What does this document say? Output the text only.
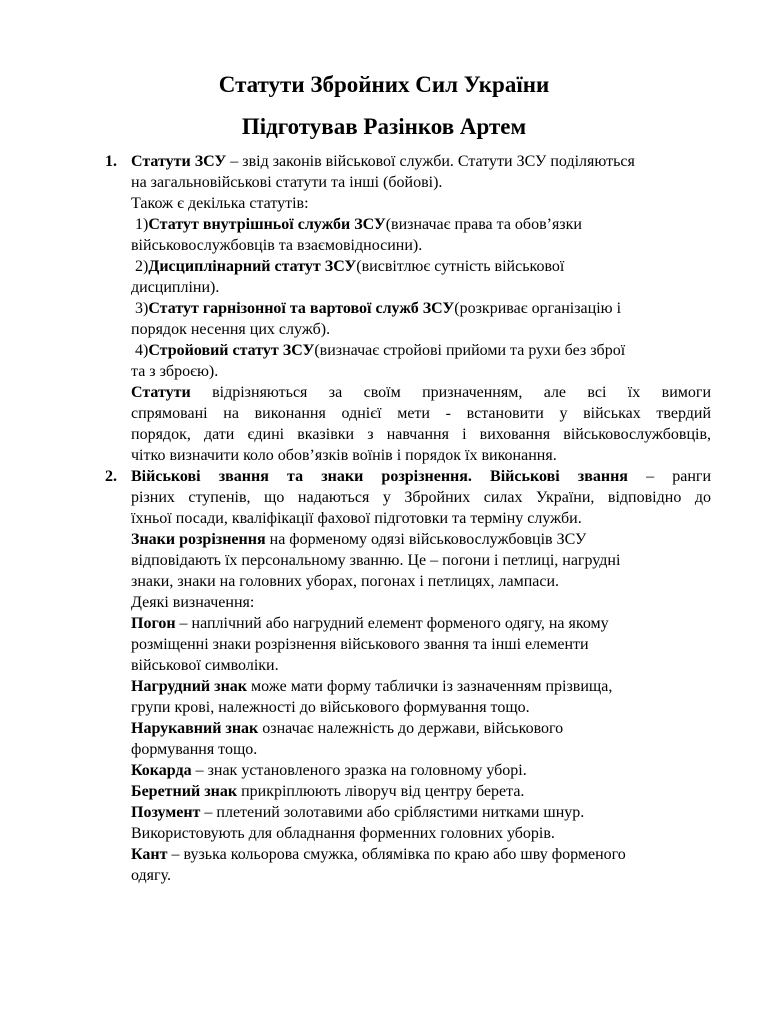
Статути Збройних Сил України
Підготував Разінков Артем
1. Статути ЗСУ – звід законів військової служби. Статути ЗСУ поділяються
на загальновійськові статути та інші (бойові).
Також є декілька статутів:
1)Статут внутрішньої служби ЗСУ(визначає права та обов’язки
військовослужбовців та взаємовідносини).
2)Дисциплінарний статут ЗСУ(висвітлює сутність військової
дисципліни).
3)Статут гарнізонної та вартової служб ЗСУ(розкриває організацію і
порядок несення цих служб).
4)Стройовий статут ЗСУ(визначає стройові прийоми та рухи без зброї
та з зброєю).
Статути відрізняються за своїм призначенням, але всі їх вимоги
спрямовані на виконання однієї мети - встановити у військах твердий
порядок, дати єдині вказівки з навчання і виховання військовослужбовців,
чітко визначити коло обов’язків воїнів і порядок їх виконання.
2. Військові звання та знаки розрізнення. Військові звання – ранги
різних ступенів, що надаються у Збройних силах України, відповідно до
їхньої посади, кваліфікації фахової підготовки та терміну служби.
Знаки розрізнення на форменому одязі військовослужбовців ЗСУ
відповідають їх персональному званню. Це – погони і петлиці, нагрудні
знаки, знаки на головних уборах, погонах і петлицях, лампаси.
Деякі визначення:
Погон – наплічний або нагрудний елемент форменого одягу, на якому
розміщенні знаки розрізнення військового звання та інші елементи
військової символіки.
Нагрудний знак може мати форму таблички із зазначенням прізвища,
групи крові, належності до військового формування тощо.
Нарукавний знак означає належність до держави, військового
формування тощо.
Кокарда – знак установленого зразка на головному уборі.
Беретний знак прикріплюють ліворуч від центру берета.
Позумент – плетений золотавими або сріблястими нитками шнур.
Використовують для обладнання форменних головних уборів.
Кант – вузька кольорова смужка, облямівка по краю або шву форменого
одягу.
